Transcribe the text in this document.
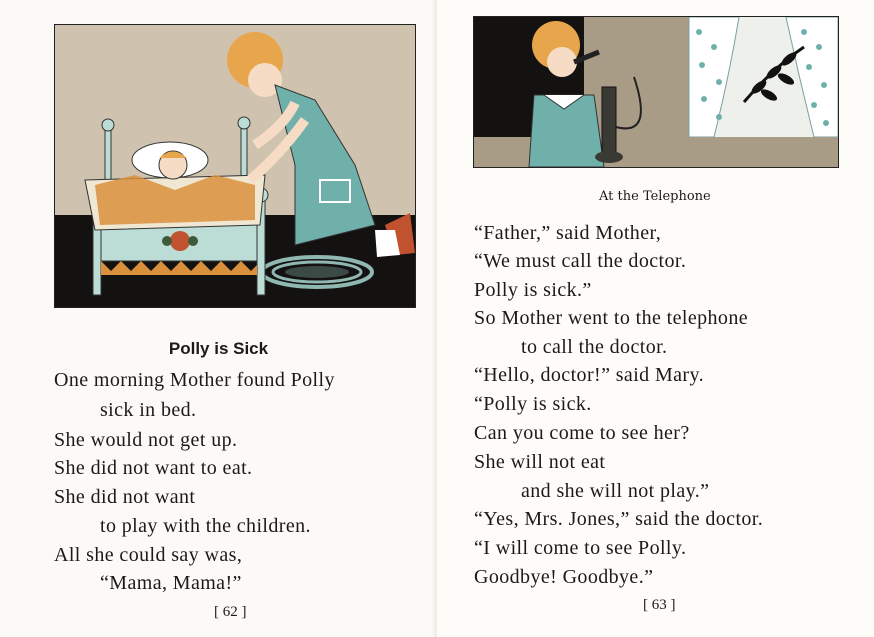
Polly is Sick
One morning Mother found Polly
sick in bed.
She would not get up.
She did not want to eat.
She did not want
to play with the children.
All she could say was,
“Mama, Mama!”
[ 62 ]
At the Telephone
“Father,” said Mother,
“We must call the doctor.
Polly is sick.”
So Mother went to the telephone
to call the doctor.
“Hello, doctor!” said Mary.
“Polly is sick.
Can you come to see her?
She will not eat
and she will not play.”
“Yes, Mrs. Jones,” said the doctor.
“I will come to see Polly.
Goodbye! Goodbye.”
[ 63 ]
